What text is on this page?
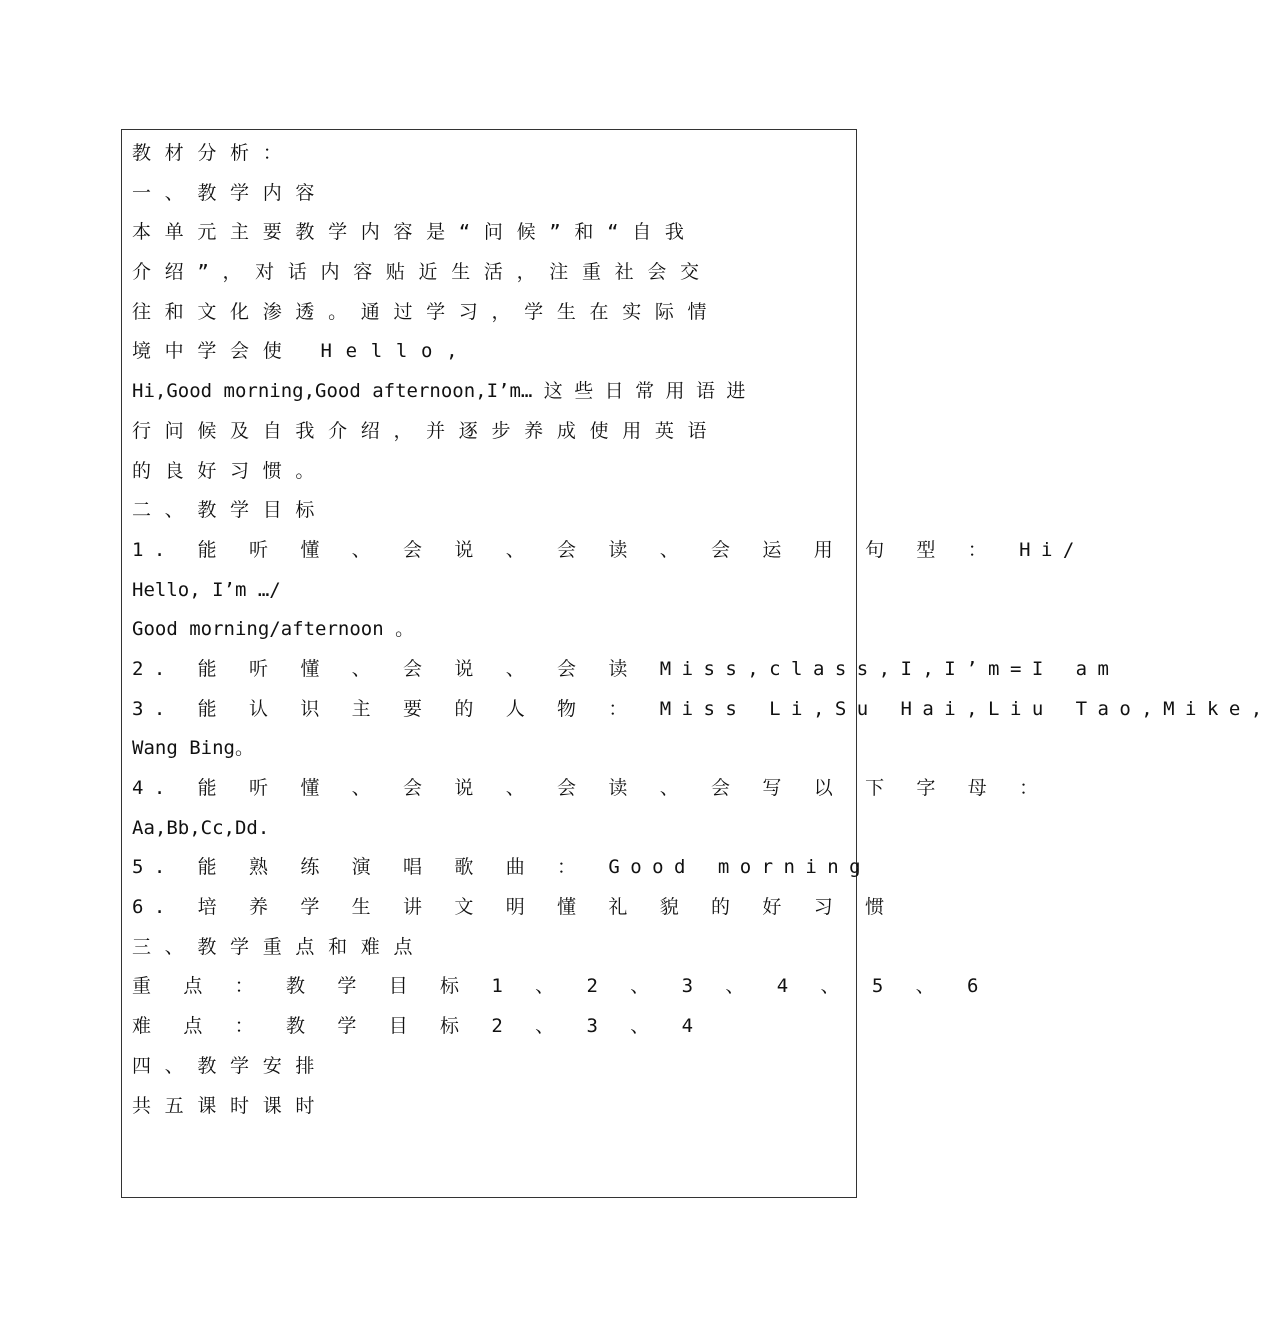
教材分析：
一、教学内容
本单元主要教学内容是“问候”和“自我
介绍”，对话内容贴近生活，注重社会交
往和文化渗透。通过学习，学生在实际情
境中学会使 Hello,
Hi,Good morning,Good afternoon,I’m… 这 些 日 常 用 语 进
行问候及自我介绍，并逐步养成使用英语
的良好习惯。
二、教学目标
1. 能 听 懂 、 会 说 、 会 读 、 会 运 用 句 型 ： Hi/
Hello, I’m …/
Good morning/afternoon 。
2. 能 听 懂 、 会 说 、 会 读 Miss,class,I,I’m=I am
3. 能 认 识 主 要 的 人 物 ： Miss Li,Su Hai,Liu Tao,Mike,
Wang Bing。
4. 能 听 懂 、 会 说 、 会 读 、 会 写 以 下 字 母 ：
Aa,Bb,Cc,Dd.
5. 能 熟 练 演 唱 歌 曲 ： Good morning
6. 培 养 学 生 讲 文 明 懂 礼 貌 的 好 习 惯
三、教学重点和难点
重 点 ： 教 学 目 标 1 、 2 、 3 、 4 、 5 、 6
难 点 ： 教 学 目 标 2 、 3 、 4
四、教学安排
共五课时课时
